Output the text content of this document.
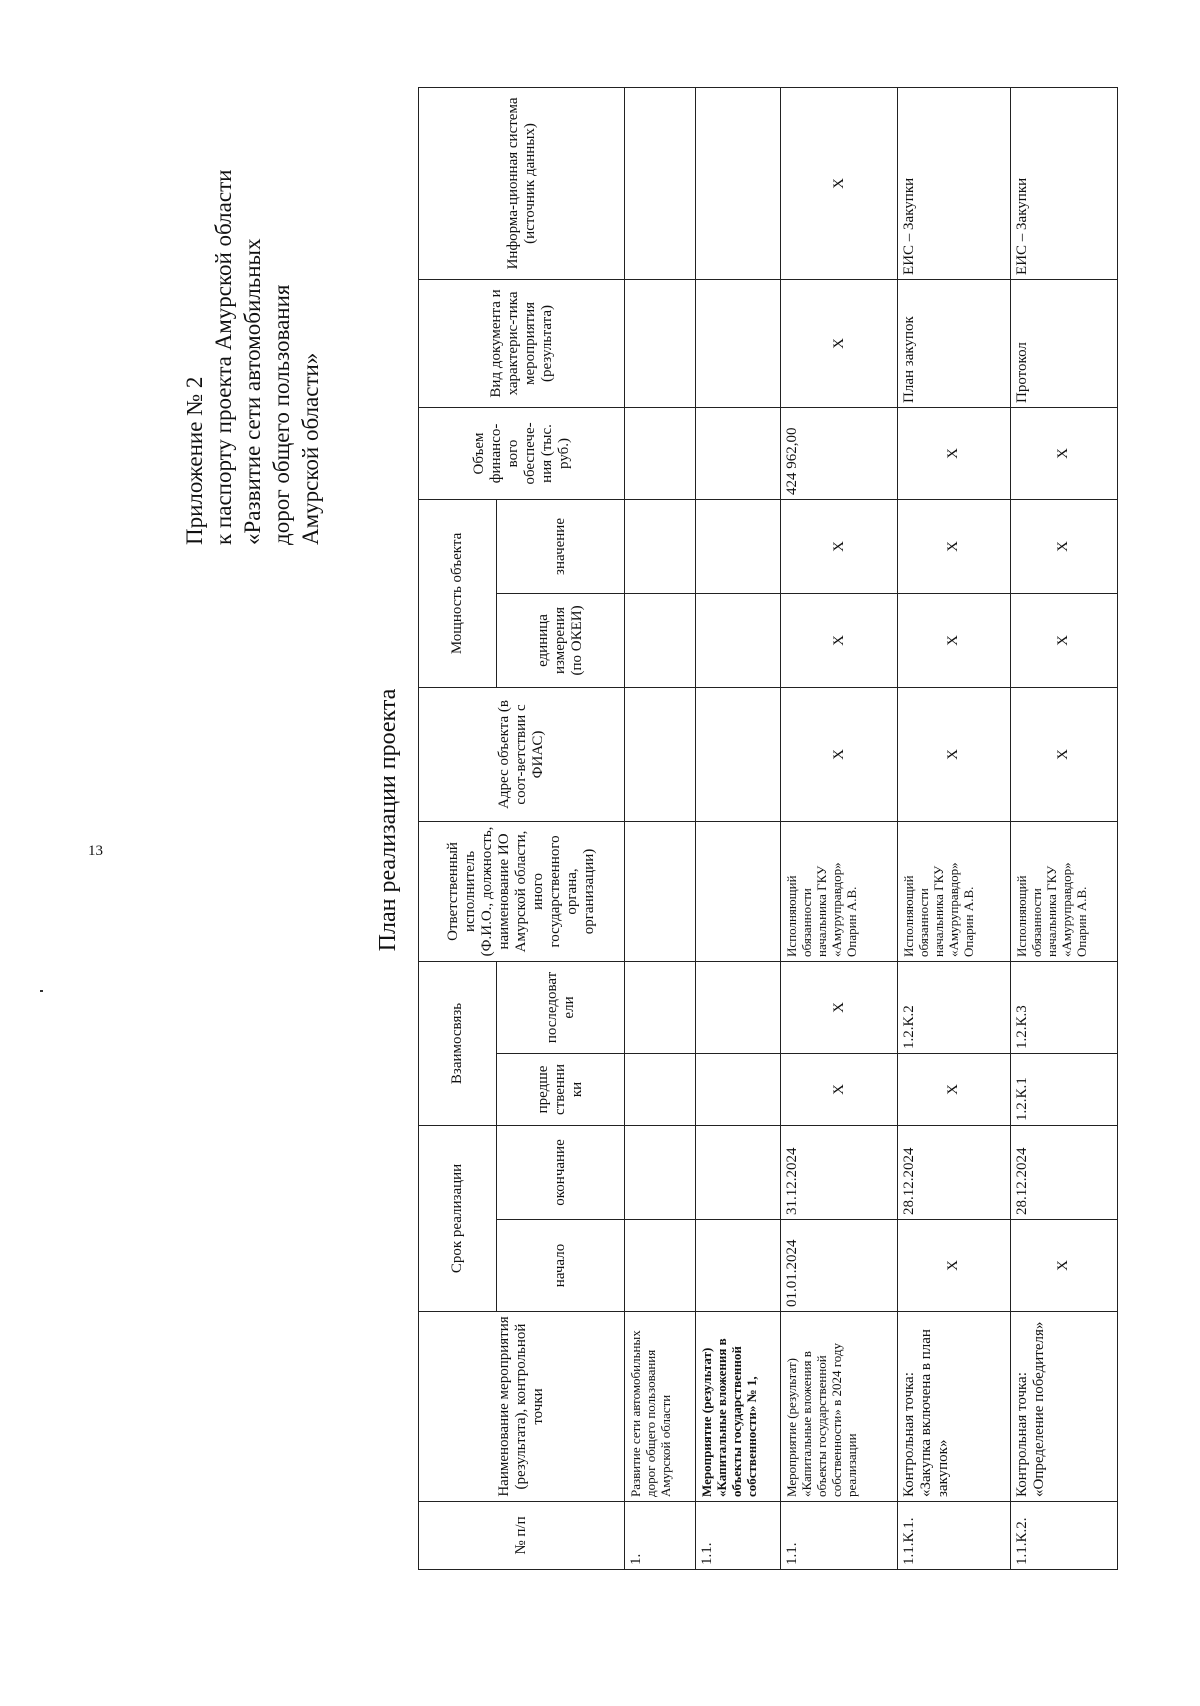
13
Приложение № 2 к паспорту проекта Амурской области «Развитие сети автомобильных дорог общего пользования Амурской области»
План реализации проекта
№ п/п	Наименование мероприятия (результата), контрольной точки	Срок реализации		Взаимосвязь		Ответственный исполнитель (Ф.И.О., должность, наименование ИО Амурской области, иного государственного органа, организации)	Адрес объекта (в соот-ветствии с ФИАС)	Мощность объекта		Объем финансо-вого обеспече-ния (тыс. руб.)	Вид документа и характерис-тика мероприятия (результата)	Информа-ционная система (источник данных)
		начало	окончание	предше ственни ки	последоват ели			единица измерения (по ОКЕИ)	значение			
1.	Развитие сети автомобильных дорог общего пользования Амурской области											
1.1.	Мероприятие (результат) «Капитальные вложения в объекты государственной собственности» № 1,											
1.1.	Мероприятие (результат) «Капитальные вложения в объекты государственной собственности» в 2024 году реализации	01.01.2024	31.12.2024	Х	Х	Исполняющий обязанности начальника ГКУ «Амуруправдор» Опарин А.В.	Х	Х	Х	424 962,00	Х	Х
1.1.К.1.	Контрольная точка: «Закупка включена в план закупок»	Х	28.12.2024	Х	1.2.К.2	Исполняющий обязанности начальника ГКУ «Амуруправдор» Опарин А.В.	Х	Х	Х	Х	План закупок	ЕИС – Закупки
1.1.К.2.	Контрольная точка: «Определение победителя»	Х	28.12.2024	1.2.К.1	1.2.К.3	Исполняющий обязанности начальника ГКУ «Амуруправдор» Опарин А.В.	Х	Х	Х	Х	Протокол	ЕИС – Закупки
